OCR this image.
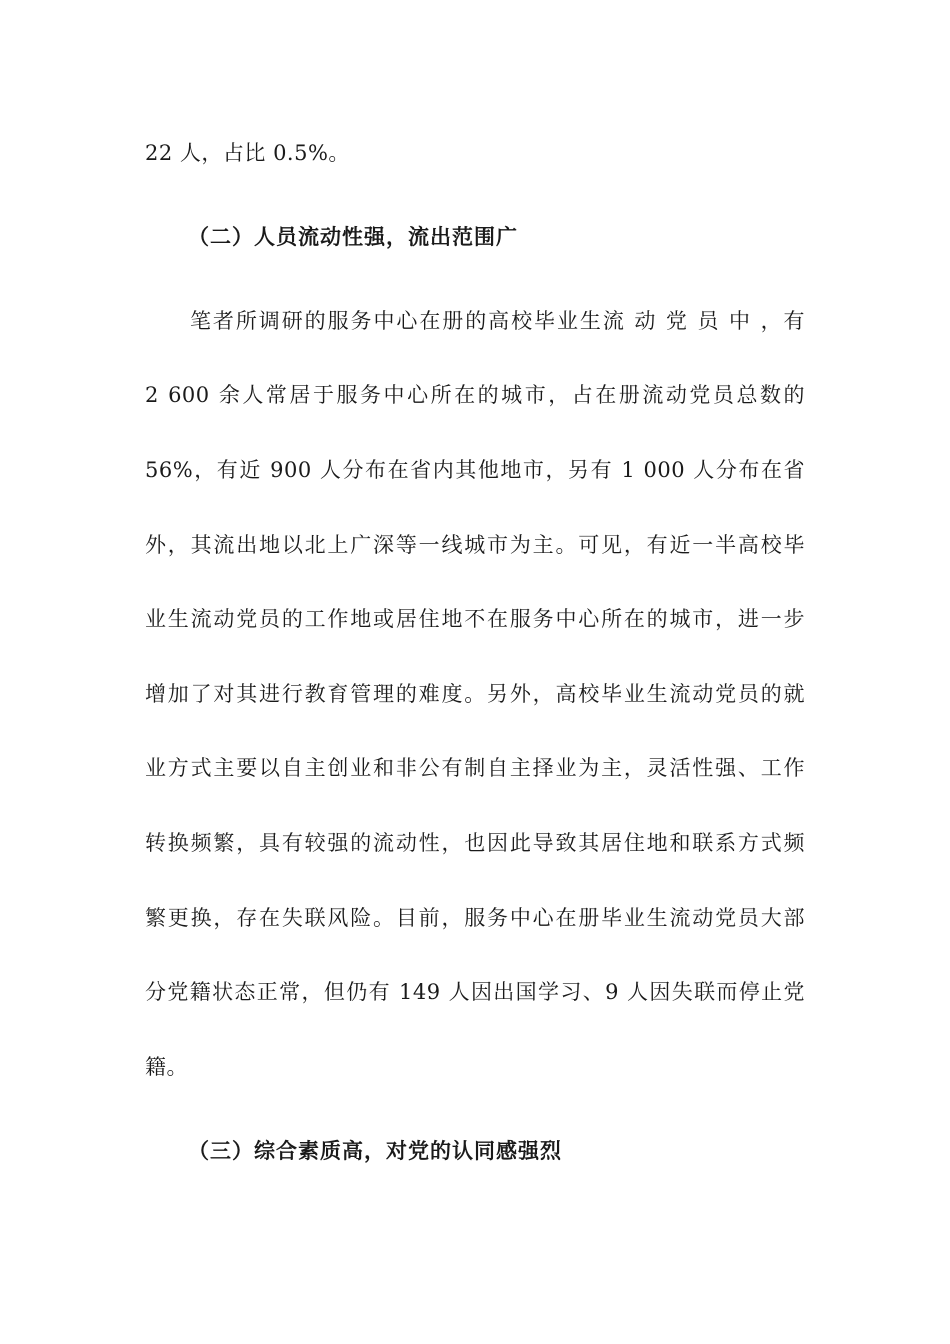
22 人，占比 0.5%。
（二）人员流动性强，流出范围广
笔者所调研的服务中心在册的高校毕业生流 动 党 员 中 ，有
2 600 余人常居于服务中心所在的城市，占在册流动党员总数的
56%，有近 900 人分布在省内其他地市，另有 1 000 人分布在省
外，其流出地以北上广深等一线城市为主。可见，有近一半高校毕
业生流动党员的工作地或居住地不在服务中心所在的城市，进一步
增加了对其进行教育管理的难度。另外，高校毕业生流动党员的就
业方式主要以自主创业和非公有制自主择业为主，灵活性强、工作
转换频繁，具有较强的流动性，也因此导致其居住地和联系方式频
繁更换，存在失联风险。目前，服务中心在册毕业生流动党员大部
分党籍状态正常，但仍有 149 人因出国学习、9 人因失联而停止党
籍。
（三）综合素质高，对党的认同感强烈
